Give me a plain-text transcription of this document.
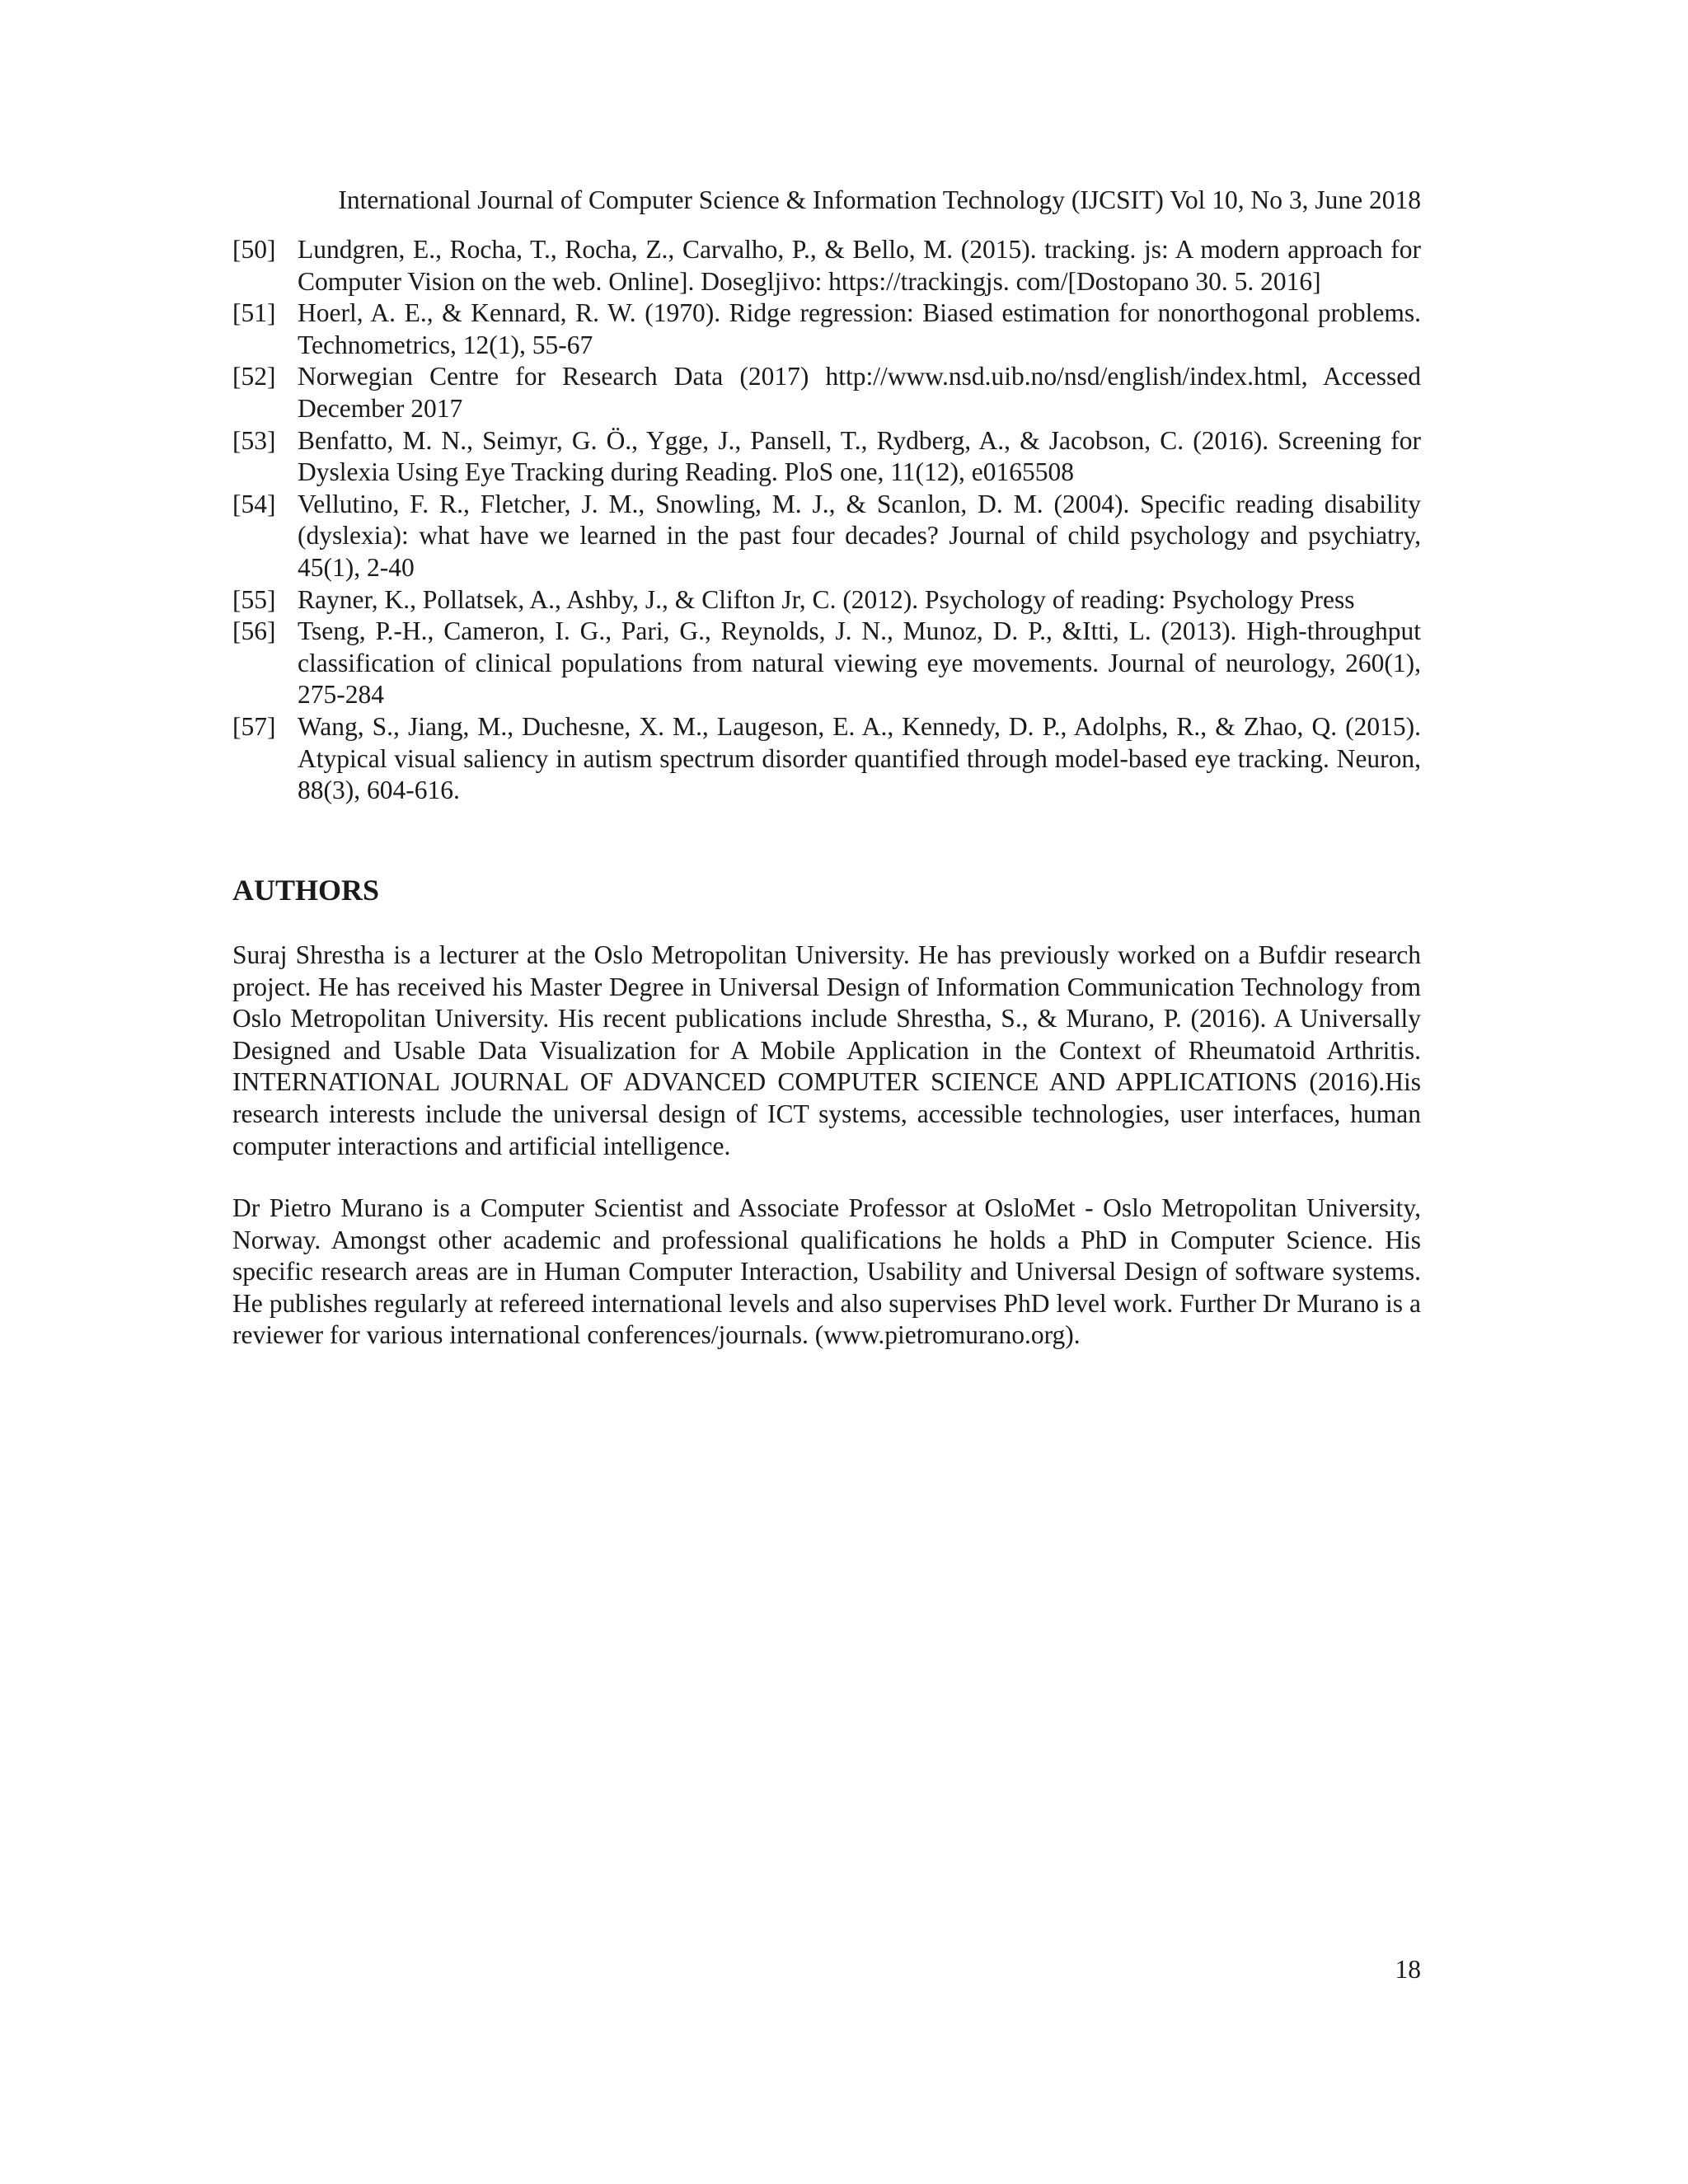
International Journal of Computer Science & Information Technology (IJCSIT) Vol 10, No 3, June 2018
[50] Lundgren, E., Rocha, T., Rocha, Z., Carvalho, P., & Bello, M. (2015). tracking. js: A modern approach for Computer Vision on the web. Online]. Dosegljivo: https://trackingjs. com/[Dostopano 30. 5. 2016]
[51] Hoerl, A. E., & Kennard, R. W. (1970). Ridge regression: Biased estimation for nonorthogonal problems. Technometrics, 12(1), 55-67
[52] Norwegian Centre for Research Data (2017) http://www.nsd.uib.no/nsd/english/index.html, Accessed December 2017
[53] Benfatto, M. N., Seimyr, G. Ö., Ygge, J., Pansell, T., Rydberg, A., & Jacobson, C. (2016). Screening for Dyslexia Using Eye Tracking during Reading. PloS one, 11(12), e0165508
[54] Vellutino, F. R., Fletcher, J. M., Snowling, M. J., & Scanlon, D. M. (2004). Specific reading disability (dyslexia): what have we learned in the past four decades? Journal of child psychology and psychiatry, 45(1), 2-40
[55] Rayner, K., Pollatsek, A., Ashby, J., & Clifton Jr, C. (2012). Psychology of reading: Psychology Press
[56] Tseng, P.-H., Cameron, I. G., Pari, G., Reynolds, J. N., Munoz, D. P., &Itti, L. (2013). High-throughput classification of clinical populations from natural viewing eye movements. Journal of neurology, 260(1), 275-284
[57] Wang, S., Jiang, M., Duchesne, X. M., Laugeson, E. A., Kennedy, D. P., Adolphs, R., & Zhao, Q. (2015). Atypical visual saliency in autism spectrum disorder quantified through model-based eye tracking. Neuron, 88(3), 604-616.
AUTHORS

Suraj Shrestha is a lecturer at the Oslo Metropolitan University. He has previously worked on a Bufdir research project. He has received his Master Degree in Universal Design of Information Communication Technology from Oslo Metropolitan University. His recent publications include Shrestha, S., & Murano, P. (2016). A Universally Designed and Usable Data Visualization for A Mobile Application in the Context of Rheumatoid Arthritis. INTERNATIONAL JOURNAL OF ADVANCED COMPUTER SCIENCE AND APPLICATIONS (2016).His research interests include the universal design of ICT systems, accessible technologies, user interfaces, human computer interactions and artificial intelligence.

Dr Pietro Murano is a Computer Scientist and Associate Professor at OsloMet - Oslo Metropolitan University, Norway. Amongst other academic and professional qualifications he holds a PhD in Computer Science. His specific research areas are in Human Computer Interaction, Usability and Universal Design of software systems. He publishes regularly at refereed international levels and also supervises PhD level work. Further Dr Murano is a reviewer for various international conferences/journals. (www.pietromurano.org).

18
